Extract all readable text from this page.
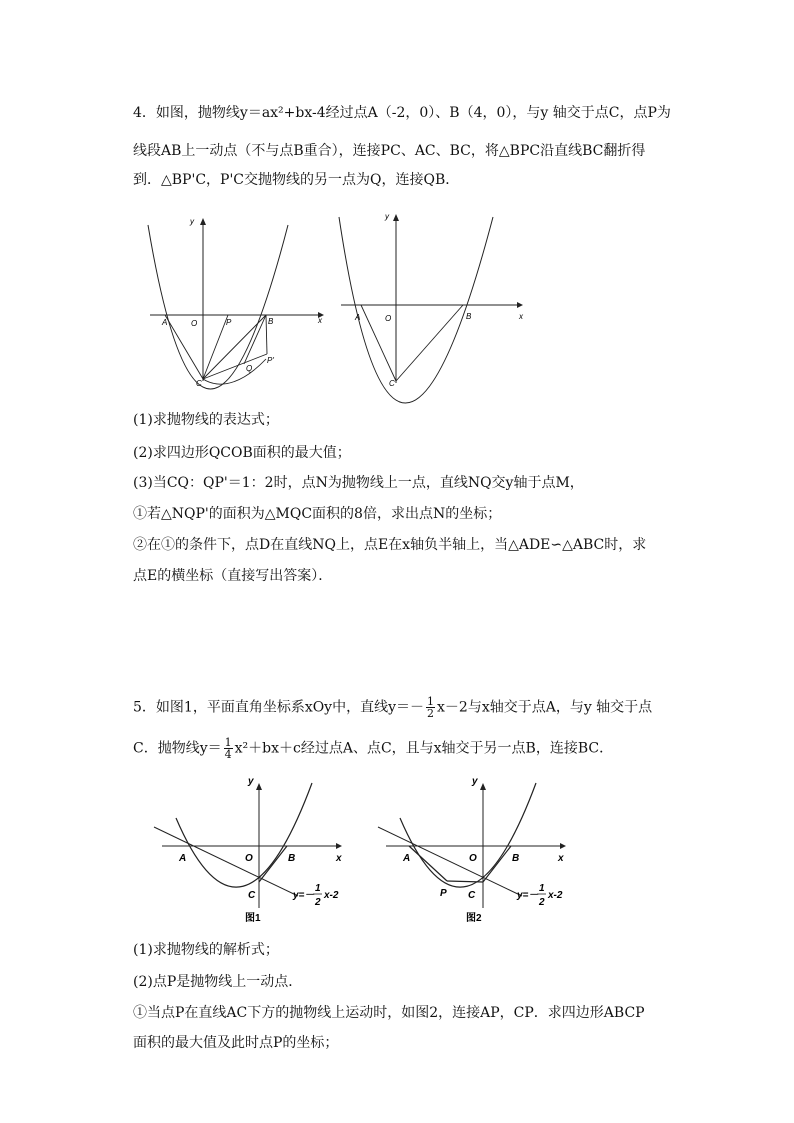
4．如图，抛物线y＝ax²+bx-4经过点A（-2，0）、B（4，0），与y 轴交于点C，点P为
线段AB上一动点（不与点B重合），连接PC、AC、BC，将△BPC沿直线BC翻折得
到．△BP'C，P'C交抛物线的另一点为Q，连接QB．
y
x
A	O	P	B
C
Q
P'
y
x
A	O	B
C
(1)求抛物线的表达式；
(2)求四边形QCOB面积的最大值；
(3)当CQ：QP'＝1：2时，点N为抛物线上一点，直线NQ交y轴于点M，
①若△NQP'的面积为△MQC面积的8倍，求出点N的坐标；
②在①的条件下，点D在直线NQ上，点E在x轴负半轴上，当△ADE∽△ABC时，求
点E的横坐标（直接写出答案）．
5．如图1，平面直角坐标系xOy中，直线$y=- \frac{1}{2} x-2$与x轴交于点A，与y 轴交于点
C．抛物线$y= \frac{1}{4} x^2+bx+c$经过点A、点C，且与x轴交于另一点B，连接BC．
y
x
A	O	B
C	y=－
1
2
x-2
图1
y
x
A	O	B
P C	y=－
1
2
x-2
图2
(1)求抛物线的解析式；
(2)点P是抛物线上一动点．
①当点P在直线AC下方的抛物线上运动时，如图2，连接AP，CP．求四边形ABCP
面积的最大值及此时点P的坐标；
